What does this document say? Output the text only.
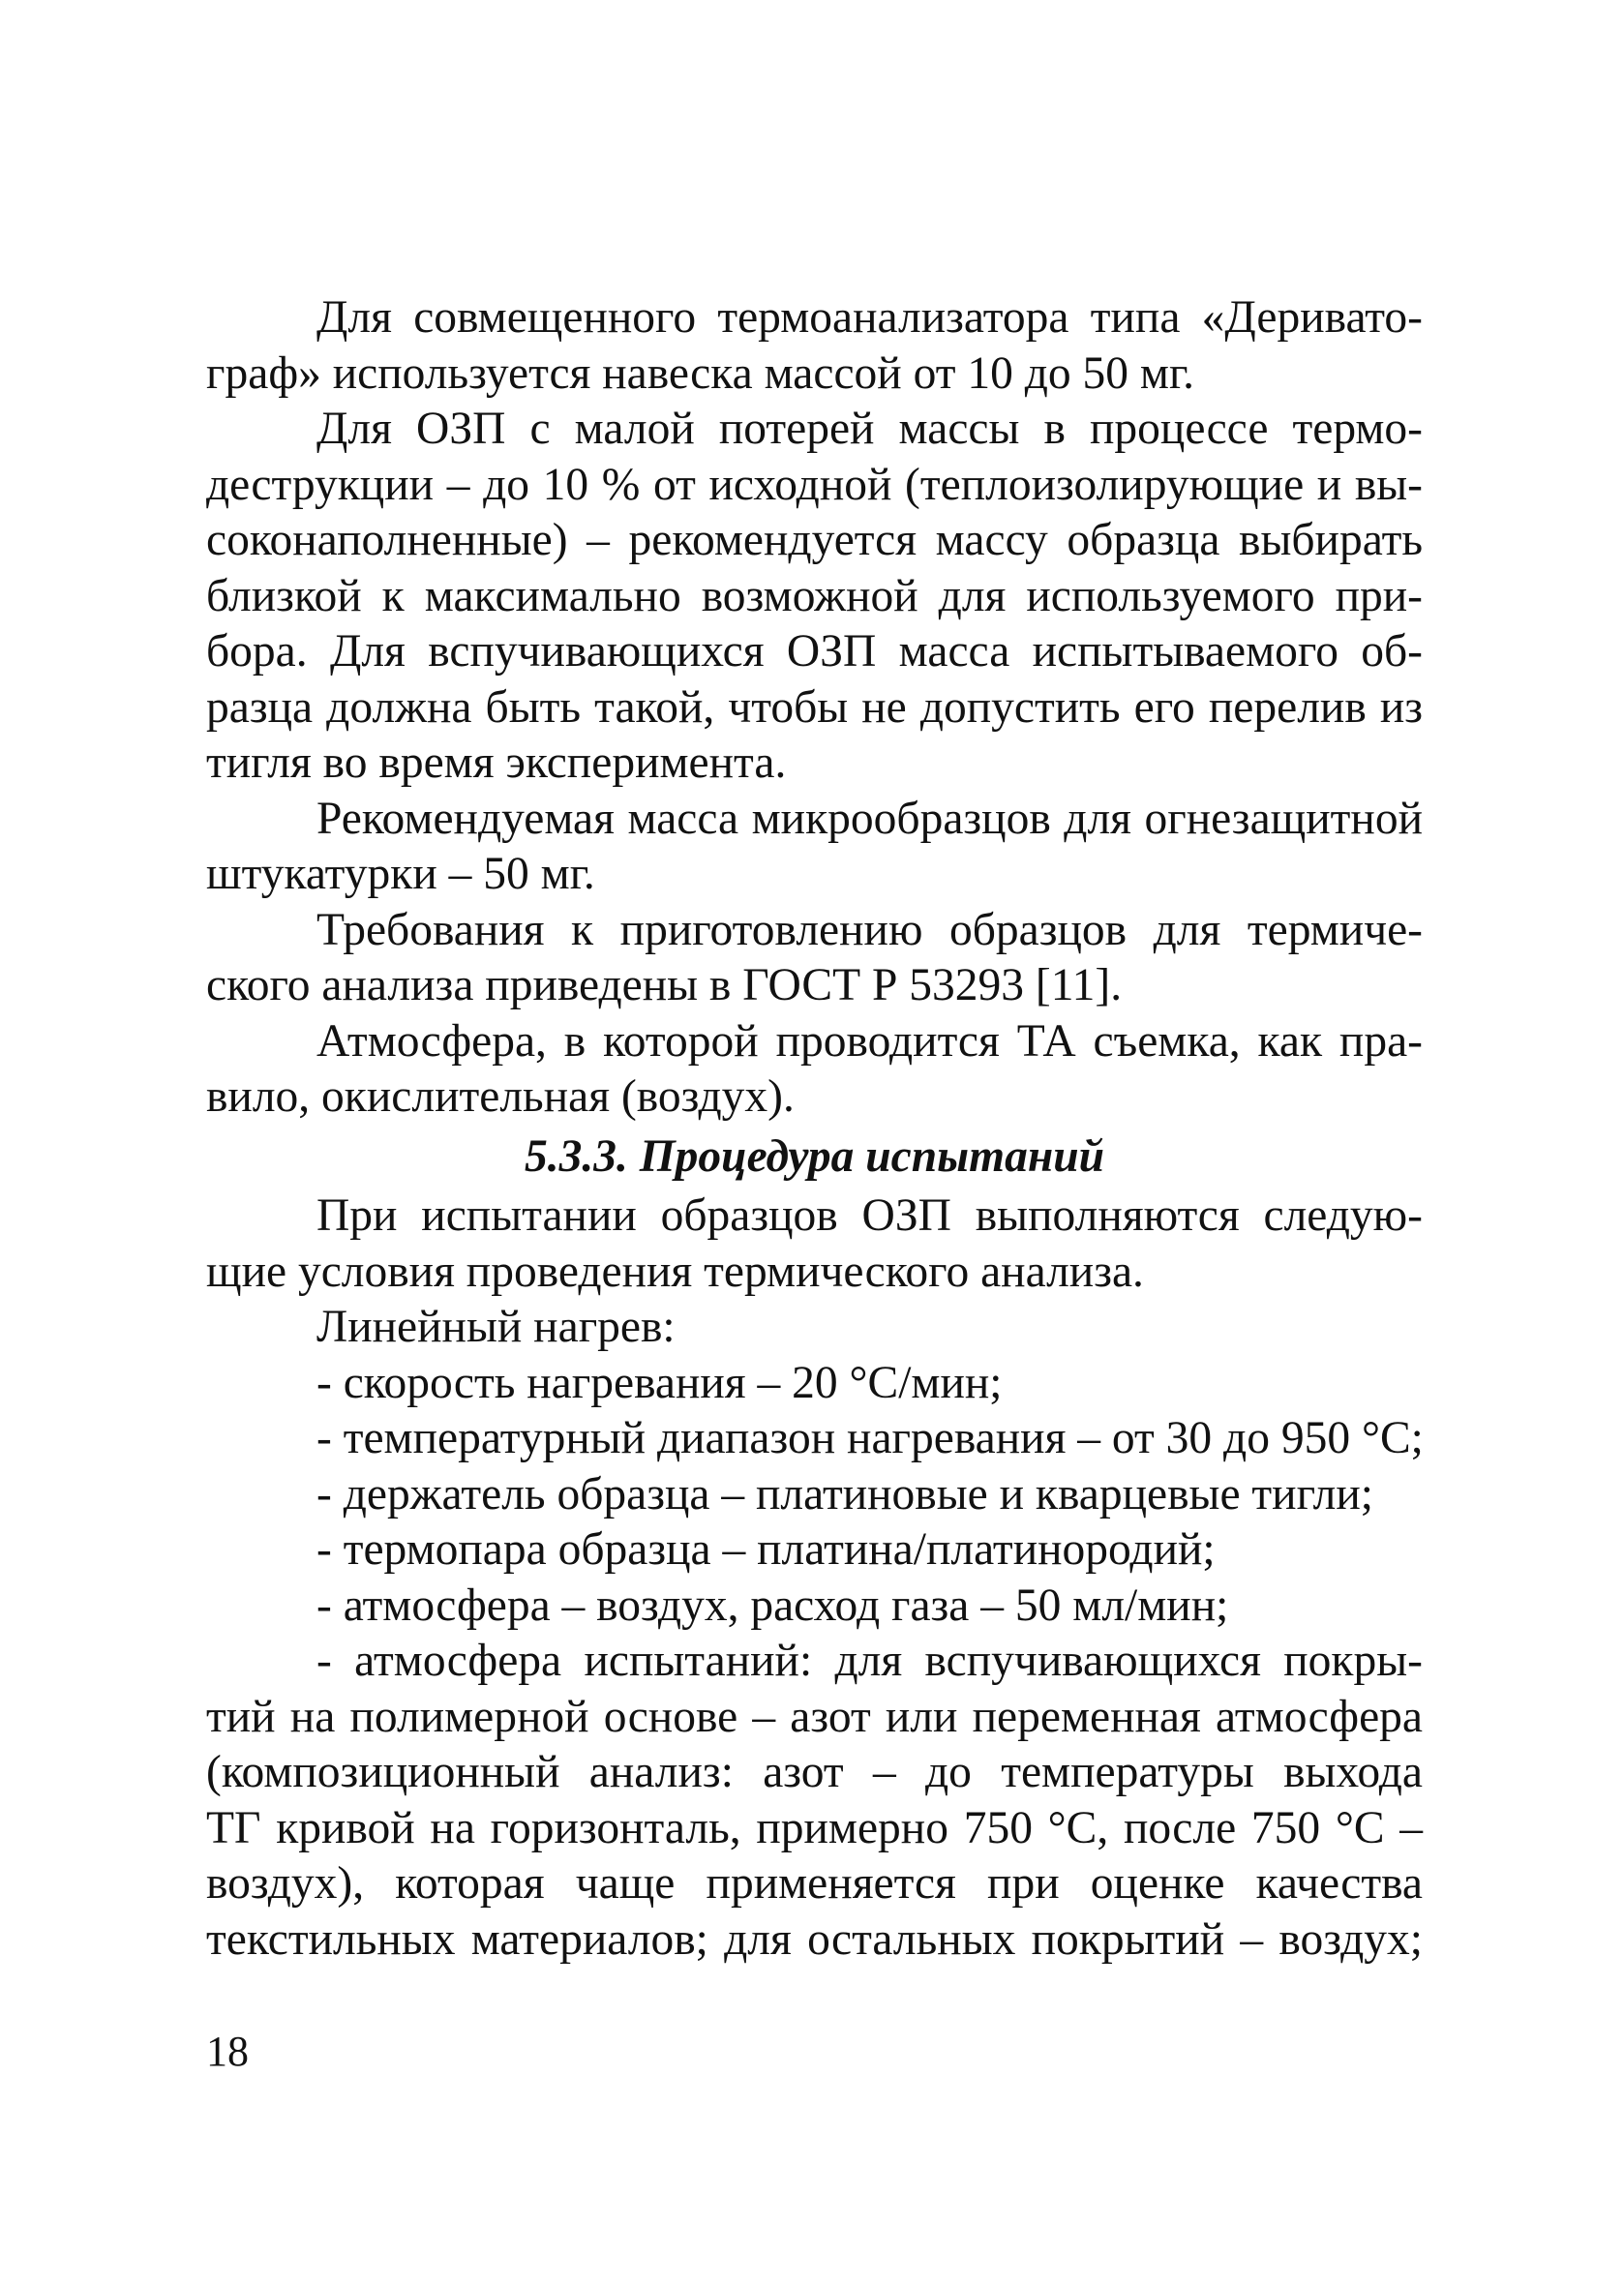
Для совмещенного термоанализатора типа «Деривато-
граф» используется навеска массой от 10 до 50 мг.
Для ОЗП с малой потерей массы в процессе термо-
деструкции – до 10 % от исходной (теплоизолирующие и вы-
соконаполненные) – рекомендуется массу образца выбирать
близкой к максимально возможной для используемого при-
бора. Для вспучивающихся ОЗП масса испытываемого об-
разца должна быть такой, чтобы не допустить его перелив из
тигля во время эксперимента.
Рекомендуемая масса микрообразцов для огнезащитной
штукатурки – 50 мг.
Требования к приготовлению образцов для термиче-
ского анализа приведены в ГОСТ Р 53293 [11].
Атмосфера, в которой проводится ТА съемка, как пра-
вило, окислительная (воздух).
5.3.3. Процедура испытаний
При испытании образцов ОЗП выполняются следую-
щие условия проведения термического анализа.
Линейный нагрев:
- скорость нагревания – 20 °С/мин;
- температурный диапазон нагревания – от 30 до 950 °С;
- держатель образца – платиновые и кварцевые тигли;
- термопара образца – платина/платинородий;
- атмосфера – воздух, расход газа – 50 мл/мин;
- атмосфера испытаний: для вспучивающихся покры-
тий на полимерной основе – азот или переменная атмосфера
(композиционный анализ: азот – до температуры выхода
ТГ кривой на горизонталь, примерно 750 °С, после 750 °С –
воздух), которая чаще применяется при оценке качества
текстильных материалов; для остальных покрытий – воздух;
18
